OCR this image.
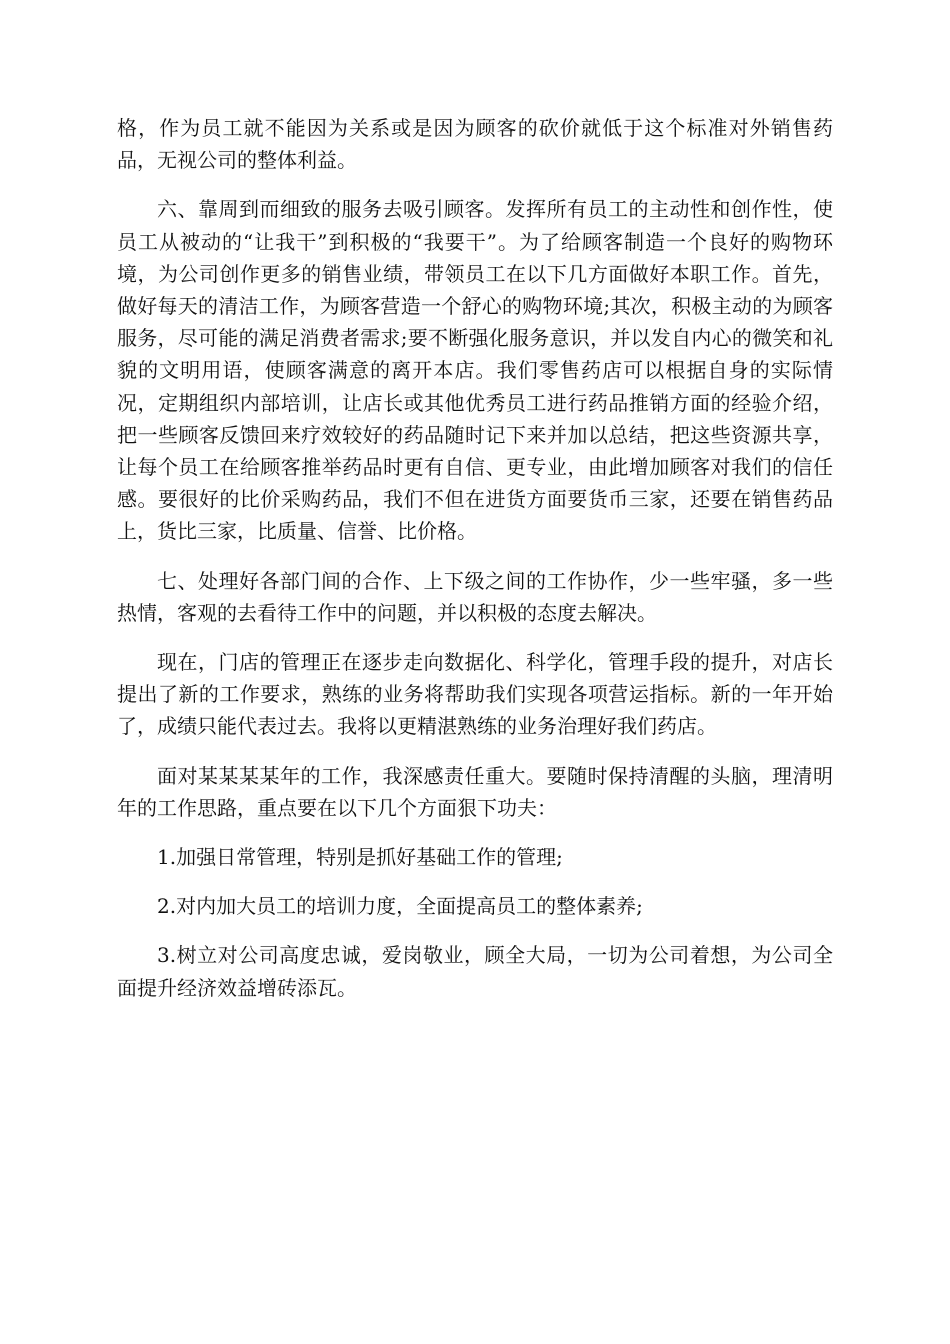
格，作为员工就不能因为关系或是因为顾客的砍价就低于这个标准对外销售药品，无视公司的整体利益。

六、靠周到而细致的服务去吸引顾客。发挥所有员工的主动性和创作性，使员工从被动的“让我干”到积极的“我要干”。为了给顾客制造一个良好的购物环境，为公司创作更多的销售业绩，带领员工在以下几方面做好本职工作。首先，做好每天的清洁工作，为顾客营造一个舒心的购物环境;其次，积极主动的为顾客服务，尽可能的满足消费者需求;要不断强化服务意识，并以发自内心的微笑和礼貌的文明用语，使顾客满意的离开本店。我们零售药店可以根据自身的实际情况，定期组织内部培训，让店长或其他优秀员工进行药品推销方面的经验介绍，把一些顾客反馈回来疗效较好的药品随时记下来并加以总结，把这些资源共享，让每个员工在给顾客推举药品时更有自信、更专业，由此增加顾客对我们的信任感。要很好的比价采购药品，我们不但在进货方面要货币三家，还要在销售药品上，货比三家，比质量、信誉、比价格。

七、处理好各部门间的合作、上下级之间的工作协作，少一些牢骚，多一些热情，客观的去看待工作中的问题，并以积极的态度去解决。

现在，门店的管理正在逐步走向数据化、科学化，管理手段的提升，对店长提出了新的工作要求，熟练的业务将帮助我们实现各项营运指标。新的一年开始了，成绩只能代表过去。我将以更精湛熟练的业务治理好我们药店。

面对某某某某年的工作，我深感责任重大。要随时保持清醒的头脑，理清明年的工作思路，重点要在以下几个方面狠下功夫：

1.加强日常管理，特别是抓好基础工作的管理;

2.对内加大员工的培训力度，全面提高员工的整体素养;

3.树立对公司高度忠诚，爱岗敬业，顾全大局，一切为公司着想，为公司全面提升经济效益增砖添瓦。
